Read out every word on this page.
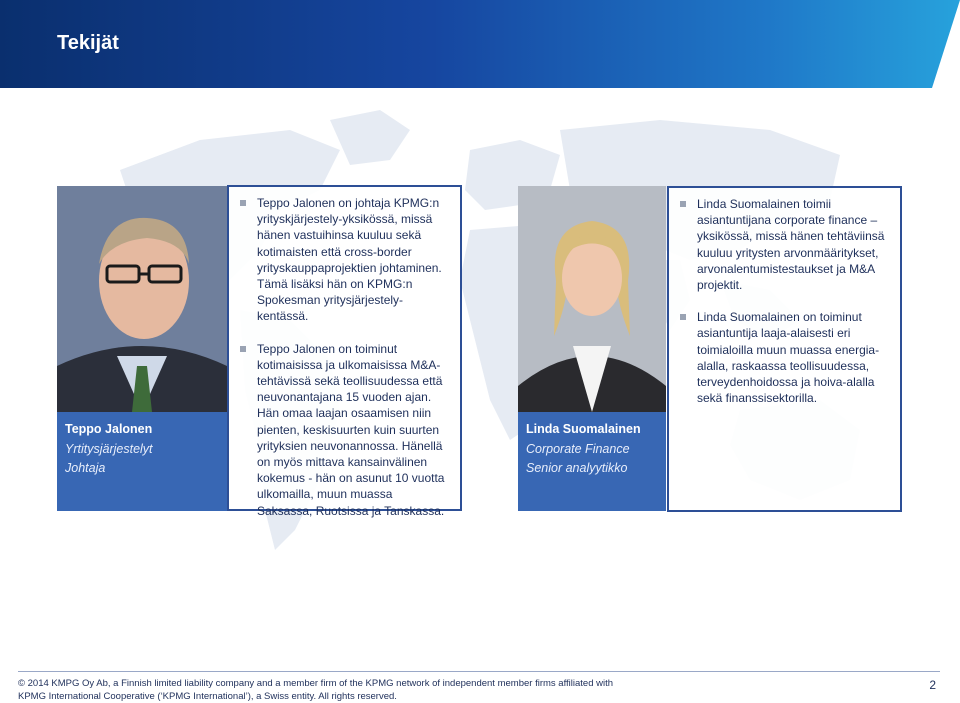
Tekijät

Teppo Jalonen

Yrtitysjärjestelyt

Johtaja

Teppo Jalonen on johtaja KPMG:n yrityskjärjestely-yksikössä, missä hänen vastuihinsa kuuluu sekä kotimaisten että cross-border yrityskauppaprojektien johtaminen. Tämä lisäksi hän on KPMG:n Spokesman yritysjärjestely-kentässä.
Teppo Jalonen on toiminut kotimaisissa ja ulkomaisissa M&A-tehtävissä sekä teollisuudessa että neuvonantajana 15 vuoden ajan. Hän omaa laajan osaamisen niin pienten, keskisuurten kuin suurten yrityksien neuvonannossa. Hänellä on myös mittava kansainvälinen kokemus - hän on asunut 10 vuotta ulkomailla, muun muassa Saksassa, Ruotsissa ja Tanskassa.

Linda Suomalainen

Corporate Finance

Senior analyytikko

Linda Suomalainen toimii asiantuntijana corporate finance – yksikössä, missä hänen tehtäviinsä kuuluu yritysten arvonmääritykset, arvonalentumistestaukset ja M&A projektit.
Linda Suomalainen on toiminut asiantuntija laaja-alaisesti eri toimialoilla muun muassa energia-alalla, raskaassa teollisuudessa, terveydenhoidossa ja hoiva-alalla sekä finanssisektorilla.
© 2014 KMPG Oy Ab, a Finnish limited liability company and a member firm of the KPMG network of independent member firms affiliated with
KPMG International Cooperative (‘KPMG International’), a Swiss entity. All rights reserved.
2
